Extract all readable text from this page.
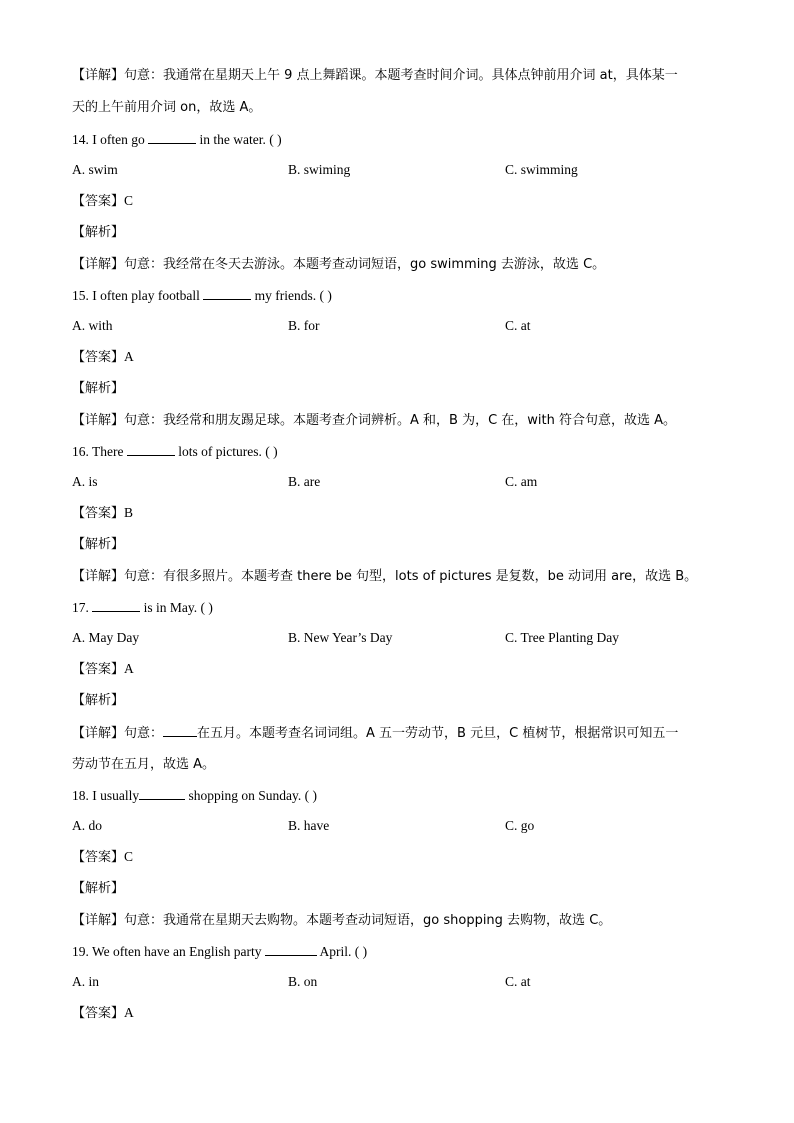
【详解】句意：我通常在星期天上午 9 点上舞蹈课。本题考查时间介词。具体点钟前用介词 at，具体某一
天的上午前用介词 on，故选 A。
14. I often go	in the water. ( )
A. swim	B. swiming	C. swimming
【答案】C
【解析】
【详解】句意：我经常在冬天去游泳。本题考查动词短语，go swimming 去游泳，故选 C。
15. I often play football	my friends. ( )
A. with	B. for	C. at
【答案】A
【解析】
【详解】句意：我经常和朋友踢足球。本题考查介词辨析。A 和，B 为，C 在，with 符合句意，故选 A。
16. There	lots of pictures. ( )
A. is	B. are	C. am
【答案】B
【解析】
【详解】句意：有很多照片。本题考查 there be 句型，lots of pictures 是复数，be 动词用 are，故选 B。
17.	is in May. ( )
A. May Day	B. New Year’s Day	C. Tree Planting Day
【答案】A
【解析】
【详解】句意：	在五月。本题考查名词词组。A 五一劳动节，B 元旦，C 植树节，根据常识可知五一
劳动节在五月，故选 A。
18. I usually	shopping on Sunday. ( )
A. do	B. have	C. go
【答案】C
【解析】
【详解】句意：我通常在星期天去购物。本题考查动词短语，go shopping 去购物，故选 C。
19. We often have an English party	April. ( )
A. in	B. on	C. at
【答案】A
